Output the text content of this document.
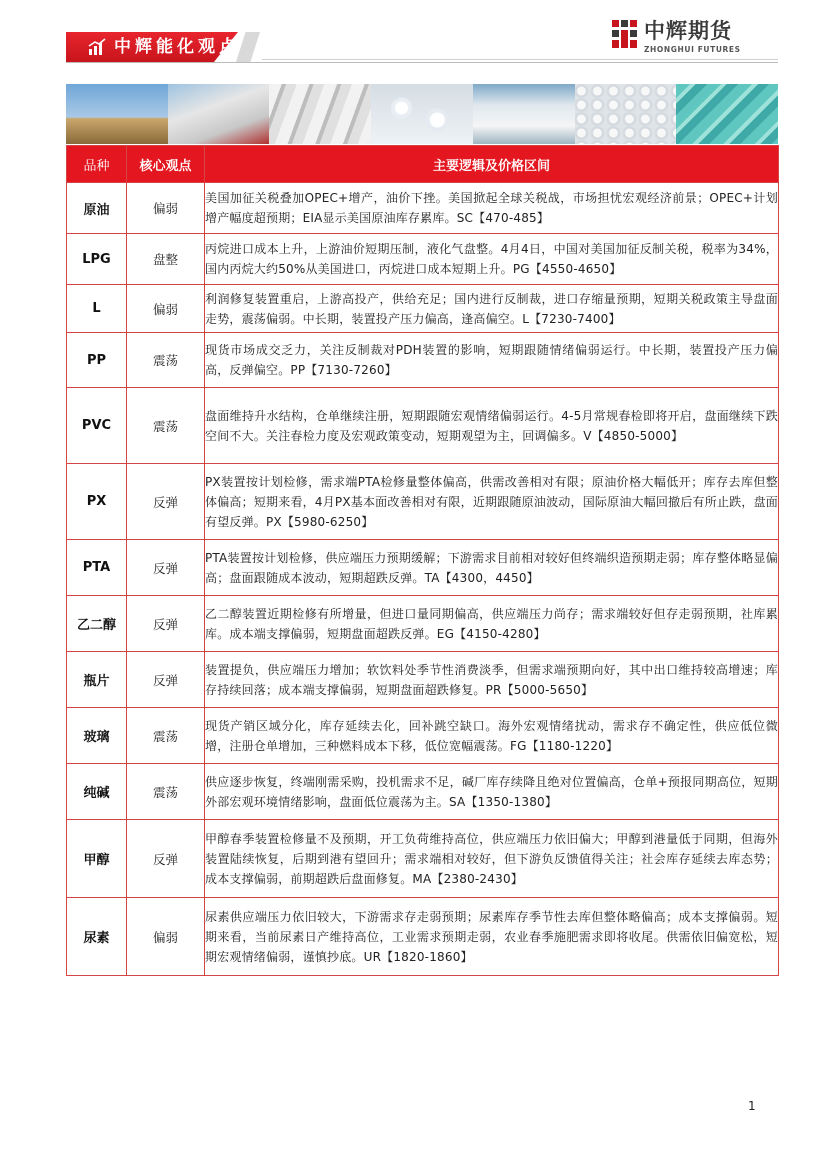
中辉能化观点
中辉期货
ZHONGHUI FUTURES
品种	核心观点	主要逻辑及价格区间
原油	偏弱	美国加征关税叠加OPEC+增产，油价下挫。美国掀起全球关税战，市场担忧宏观经济前景；OPEC+计划增产幅度超预期；EIA显示美国原油库存累库。SC【470-485】
LPG	盘整	丙烷进口成本上升，上游油价短期压制，液化气盘整。4月4日，中国对美国加征反制关税，税率为34%，国内丙烷大约50%从美国进口，丙烷进口成本短期上升。PG【4550-4650】
L	偏弱	利润修复装置重启，上游高投产，供给充足；国内进行反制裁，进口存缩量预期，短期关税政策主导盘面走势，震荡偏弱。中长期，装置投产压力偏高，逢高偏空。L【7230-7400】
PP	震荡	现货市场成交乏力，关注反制裁对PDH装置的影响，短期跟随情绪偏弱运行。中长期，装置投产压力偏高，反弹偏空。PP【7130-7260】
PVC	震荡	盘面维持升水结构，仓单继续注册，短期跟随宏观情绪偏弱运行。4-5月常规春检即将开启，盘面继续下跌空间不大。关注春检力度及宏观政策变动，短期观望为主，回调偏多。V【4850-5000】
PX	反弹	PX装置按计划检修，需求端PTA检修量整体偏高，供需改善相对有限；原油价格大幅低开；库存去库但整体偏高；短期来看，4月PX基本面改善相对有限，近期跟随原油波动，国际原油大幅回撤后有所止跌，盘面有望反弹。PX【5980-6250】
PTA	反弹	PTA装置按计划检修，供应端压力预期缓解；下游需求目前相对较好但终端织造预期走弱；库存整体略显偏高；盘面跟随成本波动，短期超跌反弹。TA【4300，4450】
乙二醇	反弹	乙二醇装置近期检修有所增量，但进口量同期偏高，供应端压力尚存；需求端较好但存走弱预期，社库累库。成本端支撑偏弱，短期盘面超跌反弹。EG【4150-4280】
瓶片	反弹	装置提负，供应端压力增加；软饮料处季节性消费淡季，但需求端预期向好，其中出口维持较高增速；库存持续回落；成本端支撑偏弱，短期盘面超跌修复。PR【5000-5650】
玻璃	震荡	现货产销区域分化，库存延续去化，回补跳空缺口。海外宏观情绪扰动，需求存不确定性，供应低位微增，注册仓单增加，三种燃料成本下移，低位宽幅震荡。FG【1180-1220】
纯碱	震荡	供应逐步恢复，终端刚需采购，投机需求不足，碱厂库存续降且绝对位置偏高，仓单+预报同期高位，短期外部宏观环境情绪影响，盘面低位震荡为主。SA【1350-1380】
甲醇	反弹	甲醇春季装置检修量不及预期，开工负荷维持高位，供应端压力依旧偏大；甲醇到港量低于同期，但海外装置陆续恢复，后期到港有望回升；需求端相对较好，但下游负反馈值得关注；社会库存延续去库态势；成本支撑偏弱，前期超跌后盘面修复。MA【2380-2430】
尿素	偏弱	尿素供应端压力依旧较大，下游需求存走弱预期；尿素库存季节性去库但整体略偏高；成本支撑偏弱。短期来看，当前尿素日产维持高位，工业需求预期走弱，农业春季施肥需求即将收尾。供需依旧偏宽松，短期宏观情绪偏弱，谨慎抄底。UR【1820-1860】
1
